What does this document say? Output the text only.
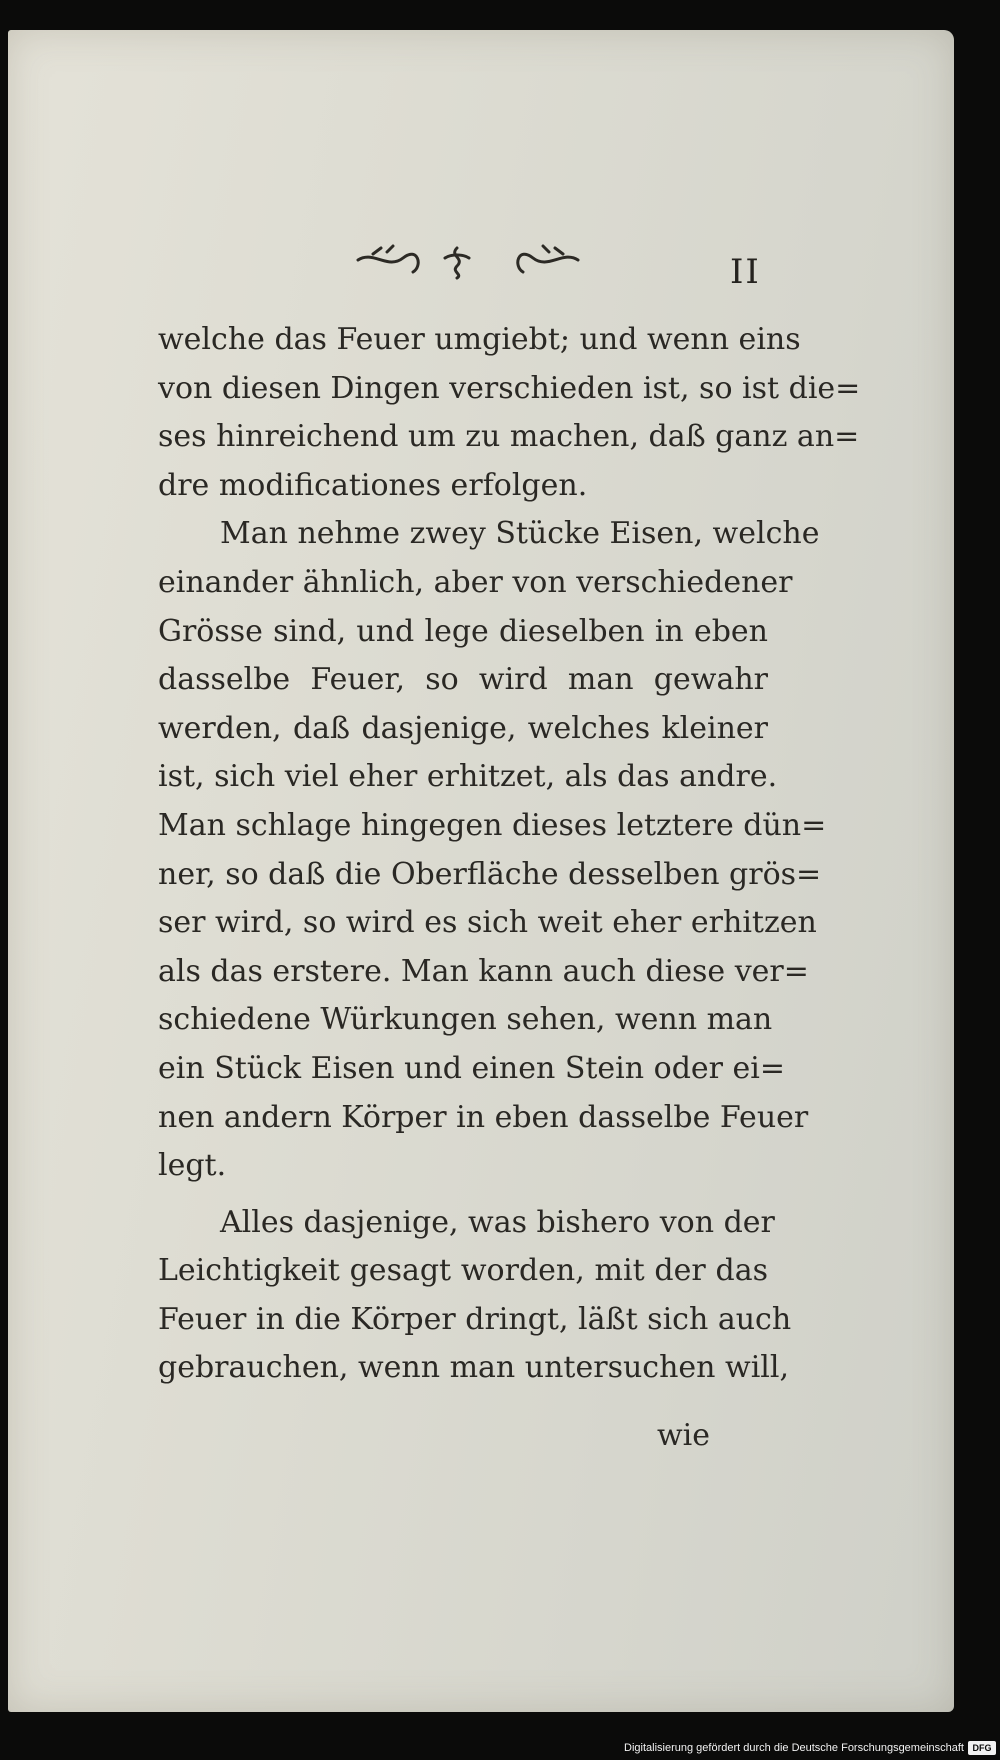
II
welche das Feuer umgiebt; und wenn eins
von diesen Dingen verschieden ist, so ist die=
ses hinreichend um zu machen, daß ganz an=
dre modificationes erfolgen.
Man nehme zwey Stücke Eisen, welche
einander ähnlich, aber von verschiedener
Grösse sind, und lege dieselben in eben
dasselbe Feuer, so wird man gewahr
werden, daß dasjenige, welches kleiner
ist, sich viel eher erhitzet, als das andre.
Man schlage hingegen dieses letztere dün=
ner, so daß die Oberfläche desselben grös=
ser wird, so wird es sich weit eher erhitzen
als das erstere. Man kann auch diese ver=
schiedene Würkungen sehen, wenn man
ein Stück Eisen und einen Stein oder ei=
nen andern Körper in eben dasselbe Feuer
legt.
Alles dasjenige, was bishero von der
Leichtigkeit gesagt worden, mit der das
Feuer in die Körper dringt, läßt sich auch
gebrauchen, wenn man untersuchen will,
wie
Digitalisierung gefördert durch die Deutsche Forschungsgemeinschaft DFG
